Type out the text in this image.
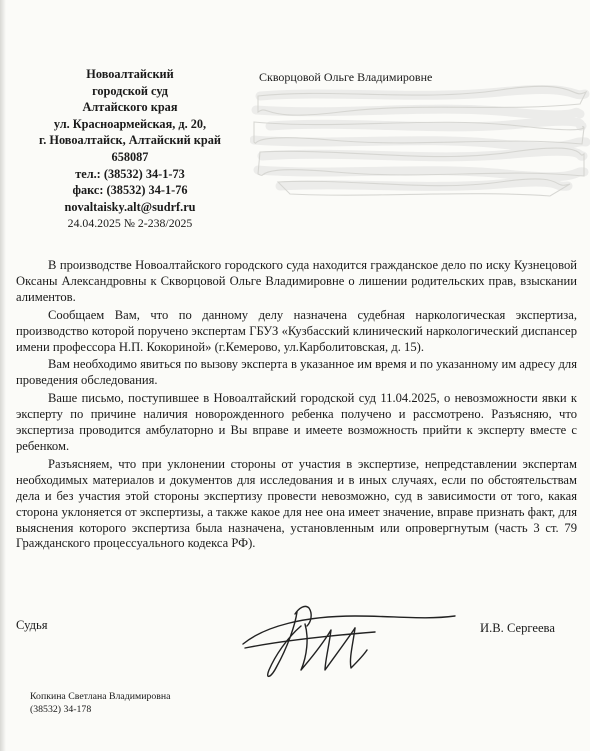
Новоалтайский
городской суд
Алтайского края
ул. Красноармейская, д. 20,
г. Новоалтайск, Алтайский край
658087
тел.: (38532) 34-1-73
факс: (38532) 34-1-76
novaltaisky.alt@sudrf.ru
24.04.2025 № 2-238/2025
Скворцовой Ольге Владимировне

В производстве Новоалтайского городского суда находится гражданское дело по иску Кузнецовой Оксаны Александровны к Скворцовой Ольге Владимировне о лишении родительских прав, взыскании алиментов.

Сообщаем Вам, что по данному делу назначена судебная наркологическая экспертиза, производство которой поручено экспертам ГБУЗ «Кузбасский клинический наркологический диспансер имени профессора Н.П. Кокориной» (г.Кемерово, ул.Карболитовская, д. 15).

Вам необходимо явиться по вызову эксперта в указанное им время и по указанному им адресу для проведения обследования.

Ваше письмо, поступившее в Новоалтайский городской суд 11.04.2025, о невозможности явки к эксперту по причине наличия новорожденного ребенка получено и рассмотрено. Разъясняю, что экспертиза проводится амбулаторно и Вы вправе и имеете возможность прийти к эксперту вместе с ребенком.

Разъясняем, что при уклонении стороны от участия в экспертизе, непредставлении экспертам необходимых материалов и документов для исследования и в иных случаях, если по обстоятельствам дела и без участия этой стороны экспертизу провести невозможно, суд в зависимости от того, какая сторона уклоняется от экспертизы, а также какое для нее она имеет значение, вправе признать факт, для выяснения которого экспертиза была назначена, установленным или опровергнутым (часть 3 ст. 79 Гражданского процессуального кодекса РФ).

Судья	И.В. Сергеева
Копкина Светлана Владимировна
(38532) 34-178
